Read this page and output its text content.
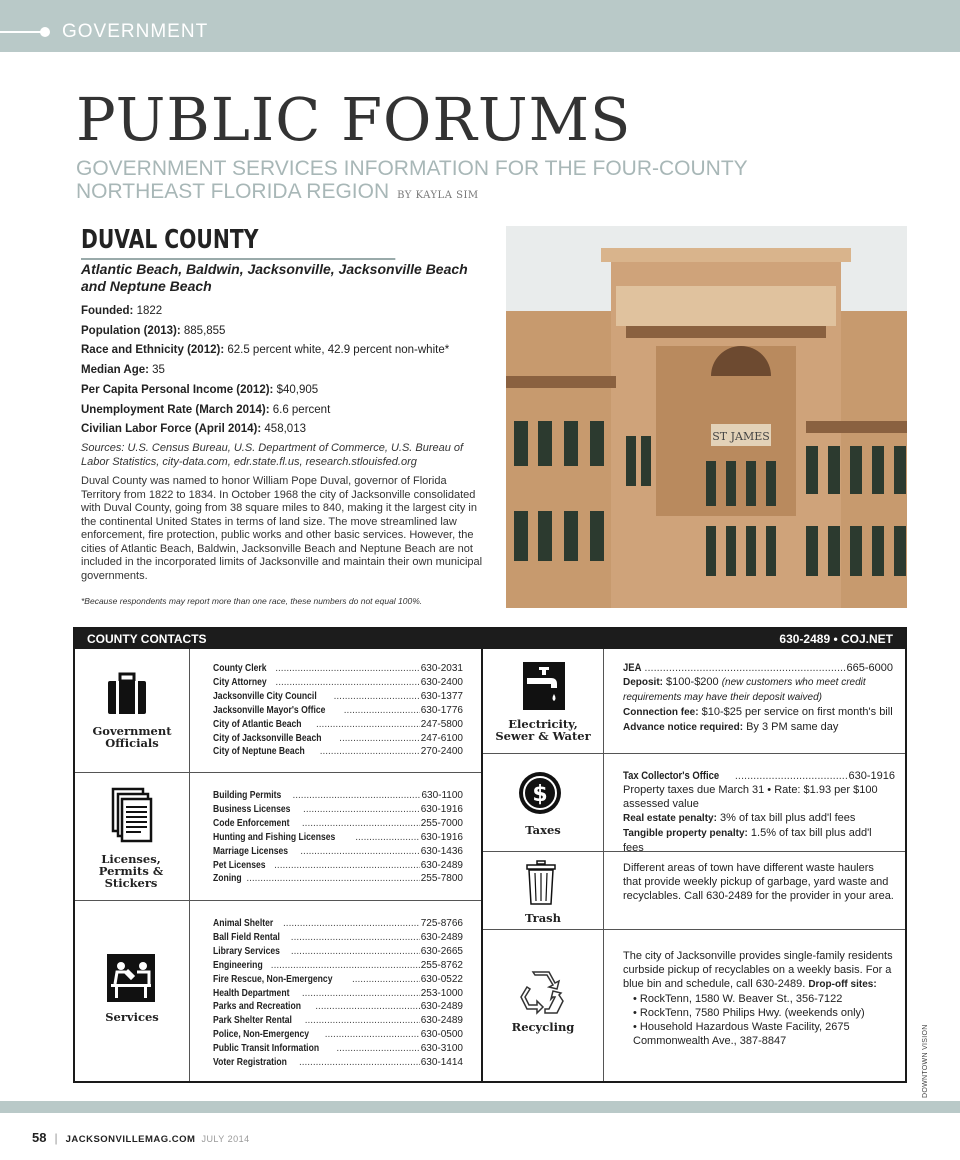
GOVERNMENT
PUBLIC FORUMS
GOVERNMENT SERVICES INFORMATION FOR THE FOUR-COUNTY NORTHEAST FLORIDA REGION BY KAYLA SIM
DUVAL COUNTY
Atlantic Beach, Baldwin, Jacksonville, Jacksonville Beach and Neptune Beach
Founded: 1822
Population (2013): 885,855
Race and Ethnicity (2012): 62.5 percent white, 42.9 percent non-white*
Median Age: 35
Per Capita Personal Income (2012): $40,905
Unemployment Rate (March 2014): 6.6 percent
Civilian Labor Force (April 2014): 458,013
Sources: U.S. Census Bureau, U.S. Department of Commerce, U.S. Bureau of Labor Statistics, city-data.com, edr.state.fl.us, research.stlouisfed.org
Duval County was named to honor William Pope Duval, governor of Florida Territory from 1822 to 1834. In October 1968 the city of Jacksonville consolidated with Duval County, going from 38 square miles to 840, making it the largest city in the continental United States in terms of land size. The move streamlined law enforcement, fire protection, public works and other basic services. However, the cities of Atlantic Beach, Baldwin, Jacksonville Beach and Neptune Beach are not included in the incorporated limits of Jacksonville and maintain their own municipal governments.
*Because respondents may report more than one race, these numbers do not equal 100%.
ST JAMES
COUNTY CONTACTS	630-2489 • COJ.NET
Government Officials
County Clerk .....	630-2031
City Attorney .....	630-2400
Jacksonville City Council .....	630-1377
Jacksonville Mayor's Office .....	630-1776
City of Atlantic Beach .....	247-5800
City of Jacksonville Beach .....	247-6100
City of Neptune Beach .....	270-2400
Licenses, Permits & Stickers
Building Permits .....	630-1100
Business Licenses .....	630-1916
Code Enforcement .....	255-7000
Hunting and Fishing Licenses .....	630-1916
Marriage Licenses .....	630-1436
Pet Licenses .....	630-2489
Zoning .....	255-7800
Services
Animal Shelter .....	725-8766
Ball Field Rental .....	630-2489
Library Services .....	630-2665
Engineering .....	255-8762
Fire Rescue, Non-Emergency .....	630-0522
Health Department .....	253-1000
Parks and Recreation .....	630-2489
Park Shelter Rental .....	630-2489
Police, Non-Emergency .....	630-0500
Public Transit Information .....	630-3100
Voter Registration .....	630-1414
Electricity, Sewer & Water
JEA .....	665-6000
Deposit: $100-$200 (new customers who meet credit requirements may have their deposit waived)
Connection fee: $10-$25 per service on first month's bill
Advance notice required: By 3 PM same day
$
Taxes
Tax Collector's Office .....	630-1916
Property taxes due March 31 • Rate: $1.93 per $100 assessed value
Real estate penalty: 3% of tax bill plus add'l fees
Tangible property penalty: 1.5% of tax bill plus add'l fees
Trash
Different areas of town have different waste haulers that provide weekly pickup of garbage, yard waste and recyclables. Call 630-2489 for the provider in your area.
Recycling
The city of Jacksonville provides single-family residents curbside pickup of recyclables on a weekly basis. For a blue bin and schedule, call 630-2489. Drop-off sites:
• RockTenn, 1580 W. Beaver St., 356-7122
• RockTenn, 7580 Philips Hwy. (weekends only)
• Household Hazardous Waste Facility, 2675 Commonwealth Ave., 387-8847
58 | JACKSONVILLEMAG.COM JULY 2014
DOWNTOWN VISION
